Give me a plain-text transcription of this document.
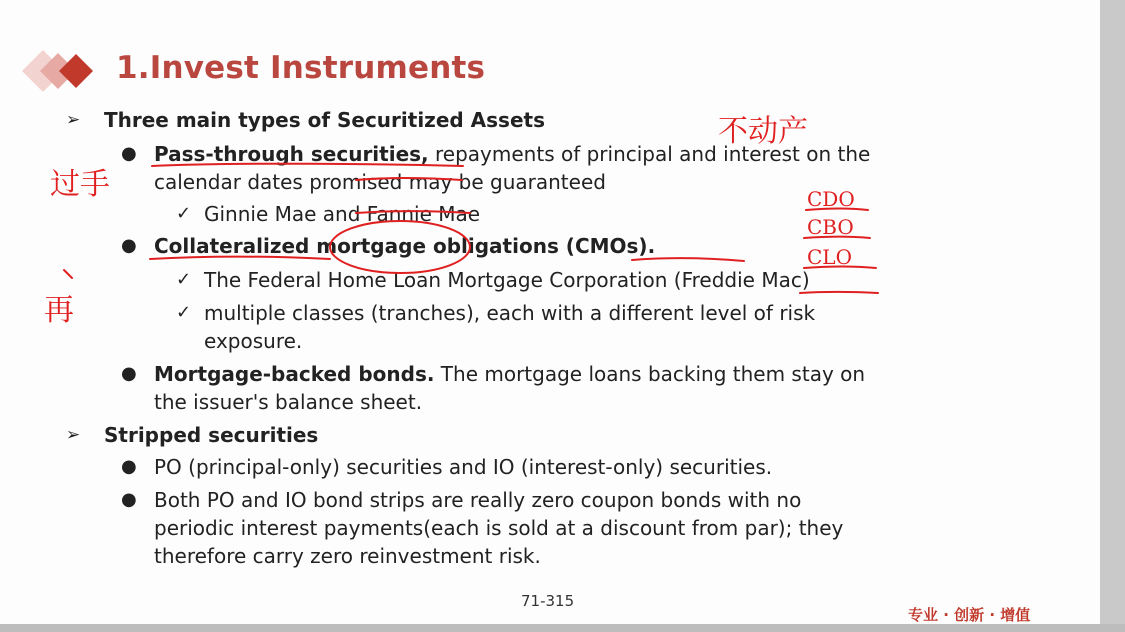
1.Invest Instruments
➢ Three main types of Securitized Assets
● Pass-through securities, repayments of principal and interest on the
calendar dates promised may be guaranteed
✓ Ginnie Mae and Fannie Mae
● Collateralized mortgage obligations (CMOs).
✓ The Federal Home Loan Mortgage Corporation (Freddie Mac)
✓ multiple classes (tranches), each with a different level of risk
exposure.
● Mortgage-backed bonds. The mortgage loans backing them stay on
the issuer's balance sheet.
➢ Stripped securities
● PO (principal-only) securities and IO (interest-only) securities.
● Both PO and IO bond strips are really zero coupon bonds with no
periodic interest payments(each is sold at a discount from par); they
therefore carry zero reinvestment risk.
71-315
专业 · 创新 · 增值
不动产
过手
再
CDO
CBO
CLO
